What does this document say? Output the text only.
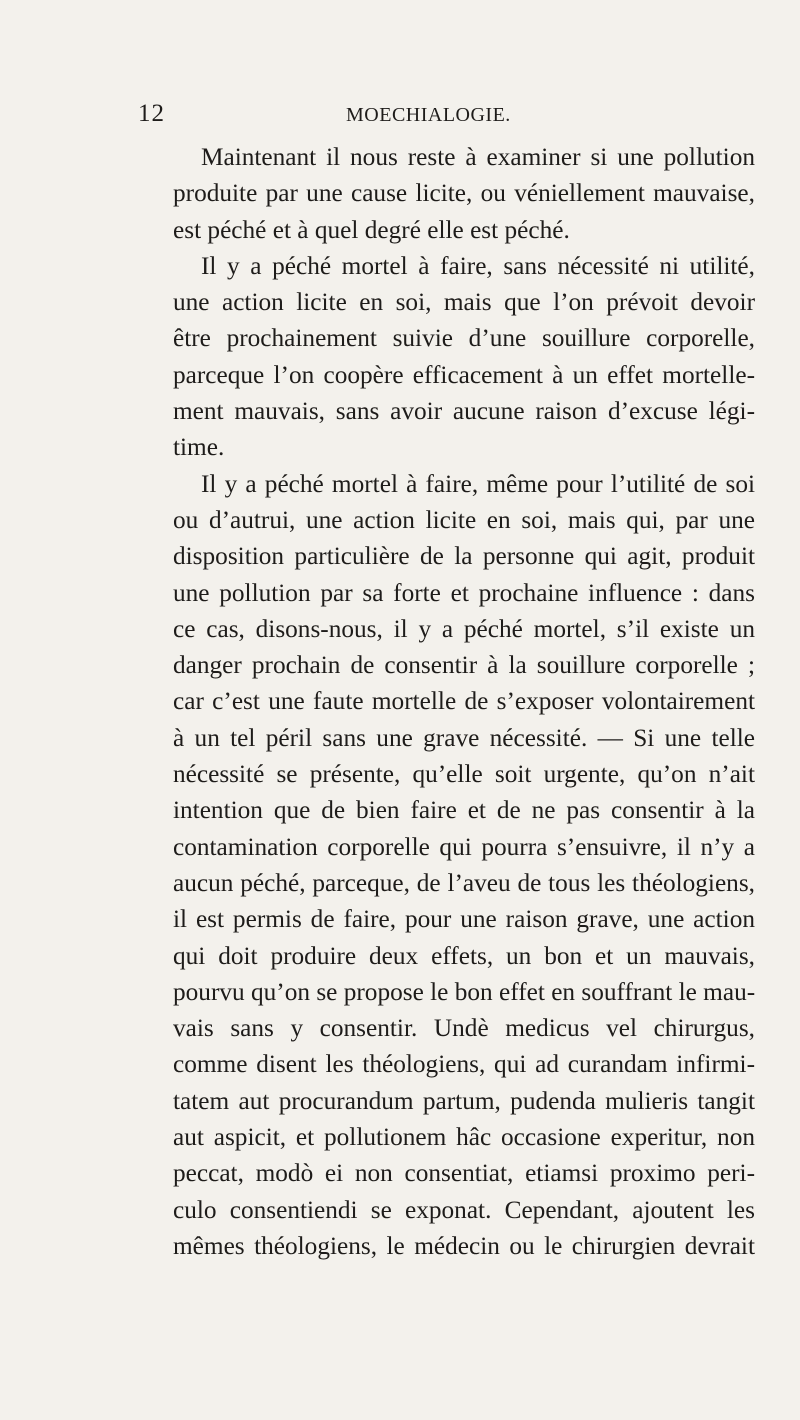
12	MOECHIALOGIE.
Maintenant il nous reste à examiner si une pollution
produite par une cause licite, ou véniellement mauvaise,
est péché et à quel degré elle est péché.
Il y a péché mortel à faire, sans nécessité ni utilité,
une action licite en soi, mais que l’on prévoit devoir
être prochainement suivie d’une souillure corporelle,
parceque l’on coopère efficacement à un effet mortelle-
ment mauvais, sans avoir aucune raison d’excuse légi-
time.
Il y a péché mortel à faire, même pour l’utilité de soi
ou d’autrui, une action licite en soi, mais qui, par une
disposition particulière de la personne qui agit, produit
une pollution par sa forte et prochaine influence : dans
ce cas, disons-nous, il y a péché mortel, s’il existe un
danger prochain de consentir à la souillure corporelle ;
car c’est une faute mortelle de s’exposer volontairement
à un tel péril sans une grave nécessité. — Si une telle
nécessité se présente, qu’elle soit urgente, qu’on n’ait
intention que de bien faire et de ne pas consentir à la
contamination corporelle qui pourra s’ensuivre, il n’y a
aucun péché, parceque, de l’aveu de tous les théologiens,
il est permis de faire, pour une raison grave, une action
qui doit produire deux effets, un bon et un mauvais,
pourvu qu’on se propose le bon effet en souffrant le mau-
vais sans y consentir. Undè medicus vel chirurgus,
comme disent les théologiens, qui ad curandam infirmi-
tatem aut procurandum partum, pudenda mulieris tangit
aut aspicit, et pollutionem hâc occasione experitur, non
peccat, modò ei non consentiat, etiamsi proximo peri-
culo consentiendi se exponat. Cependant, ajoutent les
mêmes théologiens, le médecin ou le chirurgien devrait
